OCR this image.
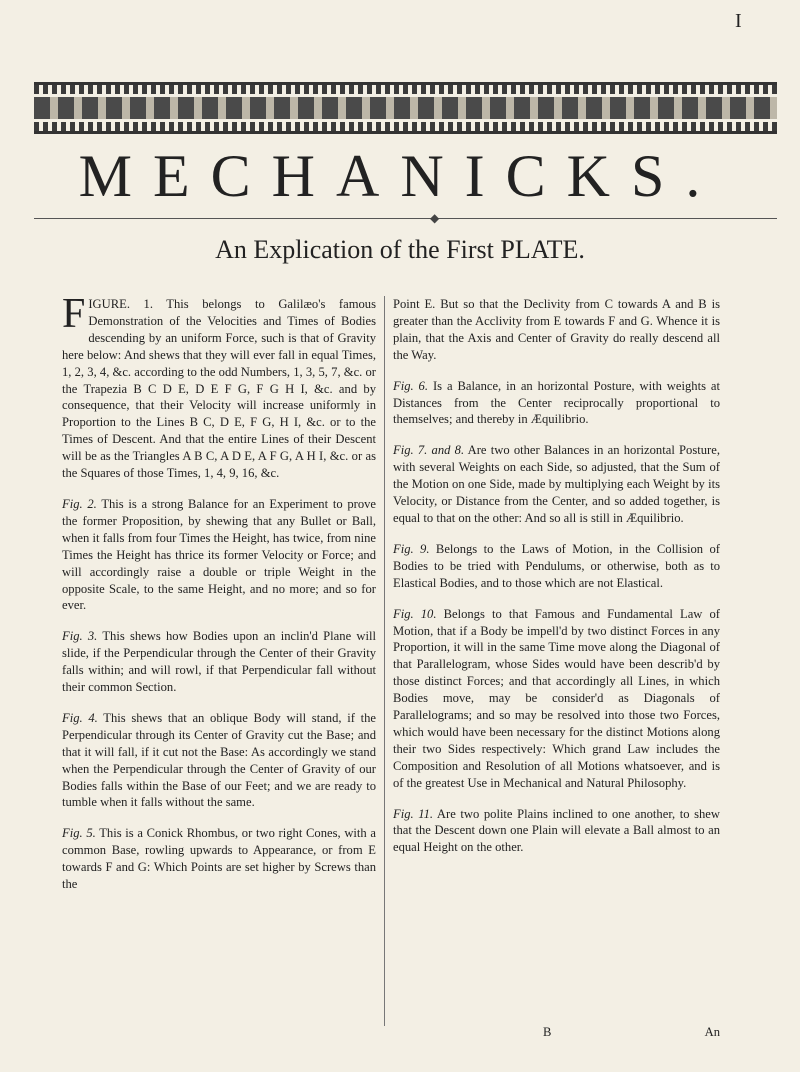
I
MECHANICKS.
◆
An Explication of the First PLATE.

FIGURE. 1. This belongs to Galilæo's famous Demonstration of the Velocities and Times of Bodies descending by an uniform Force, such is that of Gravity here below: And shews that they will ever fall in equal Times, 1, 2, 3, 4, &c. according to the odd Numbers, 1, 3, 5, 7, &c. or the Trapezia B C D E, D E F G, F G H I, &c. and by consequence, that their Velocity will increase uniformly in Proportion to the Lines B C, D E, F G, H I, &c. or to the Times of Descent. And that the entire Lines of their Descent will be as the Triangles A B C, A D E, A F G, A H I, &c. or as the Squares of those Times, 1, 4, 9, 16, &c.

Fig. 2. This is a strong Balance for an Experiment to prove the former Proposition, by shewing that any Bullet or Ball, when it falls from four Times the Height, has twice, from nine Times the Height has thrice its former Velocity or Force; and will accordingly raise a double or triple Weight in the opposite Scale, to the same Height, and no more; and so for ever.

Fig. 3. This shews how Bodies upon an inclin'd Plane will slide, if the Perpendicular through the Center of their Gravity falls within; and will rowl, if that Perpendicular fall without their common Section.

Fig. 4. This shews that an oblique Body will stand, if the Perpendicular through its Center of Gravity cut the Base; and that it will fall, if it cut not the Base: As accordingly we stand when the Perpendicular through the Center of Gravity of our Bodies falls within the Base of our Feet; and we are ready to tumble when it falls without the same.

Fig. 5. This is a Conick Rhombus, or two right Cones, with a common Base, rowling upwards to Appearance, or from E towards F and G: Which Points are set higher by Screws than the

Point E. But so that the Declivity from C towards A and B is greater than the Acclivity from E towards F and G. Whence it is plain, that the Axis and Center of Gravity do really descend all the Way.

Fig. 6. Is a Balance, in an horizontal Posture, with weights at Distances from the Center reciprocally proportional to themselves; and thereby in Æquilibrio.

Fig. 7. and 8. Are two other Balances in an horizontal Posture, with several Weights on each Side, so adjusted, that the Sum of the Motion on one Side, made by multiplying each Weight by its Velocity, or Distance from the Center, and so added together, is equal to that on the other: And so all is still in Æquilibrio.

Fig. 9. Belongs to the Laws of Motion, in the Collision of Bodies to be tried with Pendulums, or otherwise, both as to Elastical Bodies, and to those which are not Elastical.

Fig. 10. Belongs to that Famous and Fundamental Law of Motion, that if a Body be impell'd by two distinct Forces in any Proportion, it will in the same Time move along the Diagonal of that Parallelogram, whose Sides would have been describ'd by those distinct Forces; and that accordingly all Lines, in which Bodies move, may be consider'd as Diagonals of Parallelograms; and so may be resolved into those two Forces, which would have been necessary for the distinct Motions along their two Sides respectively: Which grand Law includes the Composition and Resolution of all Motions whatsoever, and is of the greatest Use in Mechanical and Natural Philosophy.

Fig. 11. Are two polite Plains inclined to one another, to shew that the Descent down one Plain will elevate a Ball almost to an equal Height on the other.

B	An
